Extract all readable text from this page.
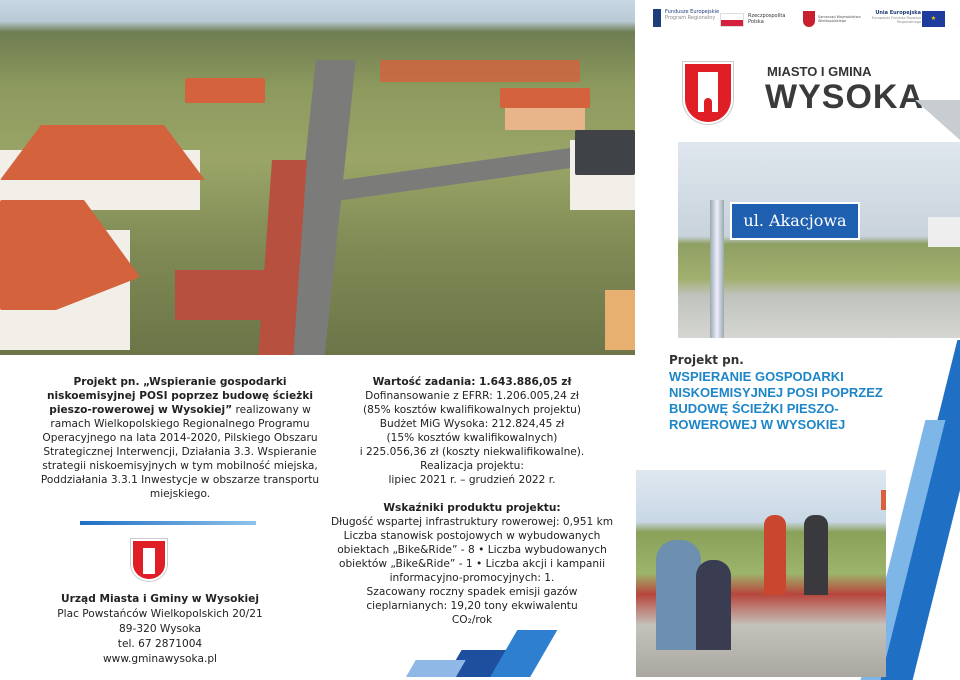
Projekt pn. „Wspieranie gospodarki niskoemisyjnej POSI poprzez budowę ścieżki pieszo-rowerowej w Wysokiej” realizowany w ramach Wielkopolskiego Regionalnego Programu Operacyjnego na lata 2014-2020, Pilskiego Obszaru Strategicznej Interwencji, Działania 3.3. Wspieranie strategii niskoemisyjnych w tym mobilność miejska, Poddziałania 3.3.1 Inwestycje w obszarze transportu miejskiego.
Urząd Miasta i Gminy w Wysokiej
Plac Powstańców Wielkopolskich 20/21
89-320 Wysoka
tel. 67 2871004
www.gminawysoka.pl
Wartość zadania: 1.643.886,05 zł
Dofinansowanie z EFRR: 1.206.005,24 zł
(85% kosztów kwalifikowalnych projektu)
Budżet MiG Wysoka: 212.824,45 zł
(15% kosztów kwalifikowalnych)
i 225.056,36 zł (koszty niekwalifikowalne).
Realizacja projektu:
lipiec 2021 r. – grudzień 2022 r.
Wskaźniki produktu projektu:
Długość wspartej infrastruktury rowerowej: 0,951 km
Liczba stanowisk postojowych w wybudowanych obiektach „Bike&Ride” - 8 • Liczba wybudowanych obiektów „Bike&Ride” - 1 • Liczba akcji i kampanii informacyjno-promocyjnych: 1.
Szacowany roczny spadek emisji gazów cieplarnianych: 19,20 tony ekwiwalentu CO₂/rok
Fundusze Europejskie
Program Regionalny	Rzeczpospolita Polska
Samorząd Województwa Wielkopolskiego
Unia Europejska
Europejski Fundusz Rozwoju Regionalnego	★
MIASTO I GMINA
WYSOKA
ul. Akacjowa
Projekt pn.
WSPIERANIE GOSPODARKI NISKOEMISYJNEJ POSI POPRZEZ BUDOWĘ ŚCIEŻKI PIESZO-ROWEROWEJ W WYSOKIEJ
